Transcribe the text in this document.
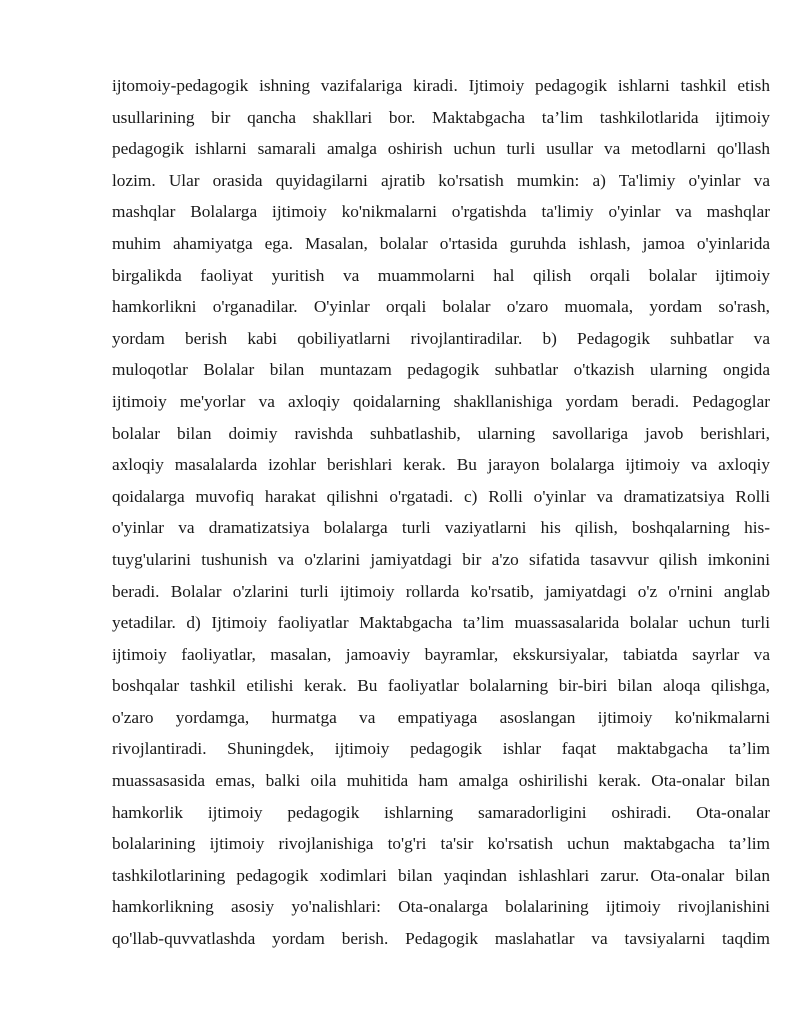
ijtomoiy-pedagogik ishning vazifalariga kiradi. Ijtimoiy pedagogik ishlarni tashkil etish
usullarining bir qancha shakllari bor. Maktabgacha ta’lim tashkilotlarida ijtimoiy
pedagogik ishlarni samarali amalga oshirish uchun turli usullar va metodlarni qo'llash
lozim. Ular orasida quyidagilarni ajratib ko'rsatish mumkin: a) Ta'limiy o'yinlar va
mashqlar Bolalarga ijtimoiy ko'nikmalarni o'rgatishda ta'limiy o'yinlar va mashqlar
muhim ahamiyatga ega. Masalan, bolalar o'rtasida guruhda ishlash, jamoa o'yinlarida
birgalikda faoliyat yuritish va muammolarni hal qilish orqali bolalar ijtimoiy
hamkorlikni o'rganadilar. O'yinlar orqali bolalar o'zaro muomala, yordam so'rash,
yordam berish kabi qobiliyatlarni rivojlantiradilar. b) Pedagogik suhbatlar va
muloqotlar Bolalar bilan muntazam pedagogik suhbatlar o'tkazish ularning ongida
ijtimoiy me'yorlar va axloqiy qoidalarning shakllanishiga yordam beradi. Pedagoglar
bolalar bilan doimiy ravishda suhbatlashib, ularning savollariga javob berishlari,
axloqiy masalalarda izohlar berishlari kerak. Bu jarayon bolalarga ijtimoiy va axloqiy
qoidalarga muvofiq harakat qilishni o'rgatadi. c) Rolli o'yinlar va dramatizatsiya Rolli
o'yinlar va dramatizatsiya bolalarga turli vaziyatlarni his qilish, boshqalarning his-
tuyg'ularini tushunish va o'zlarini jamiyatdagi bir a'zo sifatida tasavvur qilish imkonini
beradi. Bolalar o'zlarini turli ijtimoiy rollarda ko'rsatib, jamiyatdagi o'z o'rnini anglab
yetadilar. d) Ijtimoiy faoliyatlar Maktabgacha ta’lim muassasalarida bolalar uchun turli
ijtimoiy faoliyatlar, masalan, jamoaviy bayramlar, ekskursiyalar, tabiatda sayrlar va
boshqalar tashkil etilishi kerak. Bu faoliyatlar bolalarning bir-biri bilan aloqa qilishga,
o'zaro yordamga, hurmatga va empatiyaga asoslangan ijtimoiy ko'nikmalarni
rivojlantiradi. Shuningdek, ijtimoiy pedagogik ishlar faqat maktabgacha ta’lim
muassasasida emas, balki oila muhitida ham amalga oshirilishi kerak. Ota-onalar bilan
hamkorlik ijtimoiy pedagogik ishlarning samaradorligini oshiradi. Ota-onalar
bolalarining ijtimoiy rivojlanishiga to'g'ri ta'sir ko'rsatish uchun maktabgacha ta’lim
tashkilotlarining pedagogik xodimlari bilan yaqindan ishlashlari zarur. Ota-onalar bilan
hamkorlikning asosiy yo'nalishlari: Ota-onalarga bolalarining ijtimoiy rivojlanishini
qo'llab-quvvatlashda yordam berish. Pedagogik maslahatlar va tavsiyalarni taqdim
